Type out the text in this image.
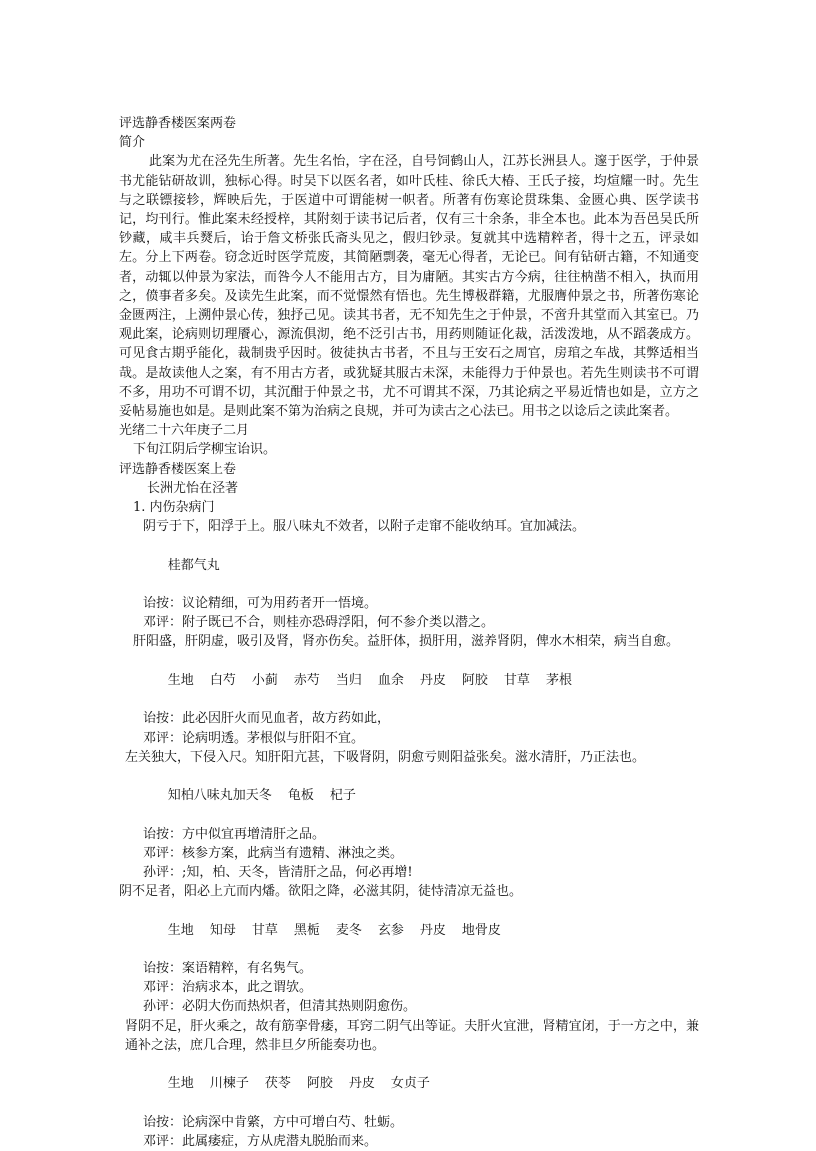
评选静香楼医案两卷

简介

此案为尤在泾先生所著。先生名怡，字在泾，自号饲鹤山人，江苏长洲县人。邃于医学，于仲景书尤能钻研故训，独标心得。时吴下以医名者，如叶氏桂、徐氏大椿、王氏子接，均煊耀一时。先生与之联镖接轸，辉映后先，于医道中可谓能树一帜者。所著有伤寒论贯珠集、金匮心典、医学读书记，均刊行。惟此案未经授梓，其附刻于读书记后者，仅有三十余条，非全本也。此本为吾邑吴氏所钞藏，咸丰兵燹后，诒于詹文桥张氏斋头见之，假归钞录。复就其中选精粹者，得十之五，评录如左。分上下两卷。窃念近时医学荒废，其简陋剽袭，毫无心得者，无论已。间有钻研古籍，不知通变者，动辄以仲景为家法，而咎今人不能用古方，目为庸陋。其实古方今病，往往枘凿不相入，执而用之，偾事者多矣。及读先生此案，而不觉憬然有悟也。先生博极群籍，尤服膺仲景之书，所著伤寒论金匮两注，上溯仲景心传，独抒己见。读其书者，无不知先生之于仲景，不啻升其堂而入其室已。乃观此案，论病则切理餍心，源流俱沏，绝不泛引古书，用药则随证化裁，活泼泼地，从不蹈袭成方。可见食古期乎能化，裁制贵乎因时。彼徒执古书者，不且与王安石之周官，房琯之车战，其弊适相当哉。是故读他人之案，有不用古方者，或犹疑其服古未深，未能得力于仲景也。若先生则读书不可谓不多，用功不可谓不切，其沉酣于仲景之书，尤不可谓其不深，乃其论病之平易近情也如是，立方之妥帖易施也如是。是则此案不第为治病之良规，并可为读古之心法已。用书之以谂后之读此案者。

光绪二十六年庚子二月

下旬江阴后学柳宝诒识。

评选静香楼医案上卷

长洲尤怡在泾著

1. 内伤杂病门

阴亏于下，阳浮于上。服八味丸不效者，以附子走窜不能收纳耳。宜加减法。

桂都气丸

诒按：议论精细，可为用药者开一悟境。

邓评：附子既已不合，则桂亦恐碍浮阳，何不参介类以潜之。

肝阳盛，肝阴虚，吸引及肾，肾亦伤矣。益肝体，损肝用，滋养肾阴，俾水木相荣，病当自愈。

生地 白芍 小蓟 赤芍 当归 血余 丹皮 阿胶 甘草 茅根

诒按：此必因肝火而见血者，故方药如此，

邓评：论病明透。茅根似与肝阳不宜。

左关独大，下侵入尺。知肝阳亢甚，下吸肾阴，阴愈亏则阳益张矣。滋水清肝，乃正法也。

知柏八味丸加天冬 龟板 杞子

诒按：方中似宜再增清肝之品。

邓评：核参方案，此病当有遗精、淋浊之类。

孙评：;知，柏、天冬，皆清肝之品，何必再增!

阴不足者，阳必上亢而内燔。欲阳之降，必滋其阴，徒恃清凉无益也。

生地 知母 甘草 黑栀 麦冬 玄参 丹皮 地骨皮

诒按：案语精粹，有名隽气。

邓评：治病求本，此之谓欤。

孙评：必阴大伤而热炽者，但清其热则阴愈伤。

肾阴不足，肝火乘之，故有筋挛骨痿，耳窍二阴气出等证。夫肝火宜泄，肾精宜闭，于一方之中，兼通补之法，庶几合理，然非旦夕所能奏功也。

生地 川楝子 茯苓 阿胶 丹皮 女贞子

诒按：论病深中肯綮，方中可增白芍、牡蛎。

邓评：此属痿症，方从虎潜丸脱胎而来。
